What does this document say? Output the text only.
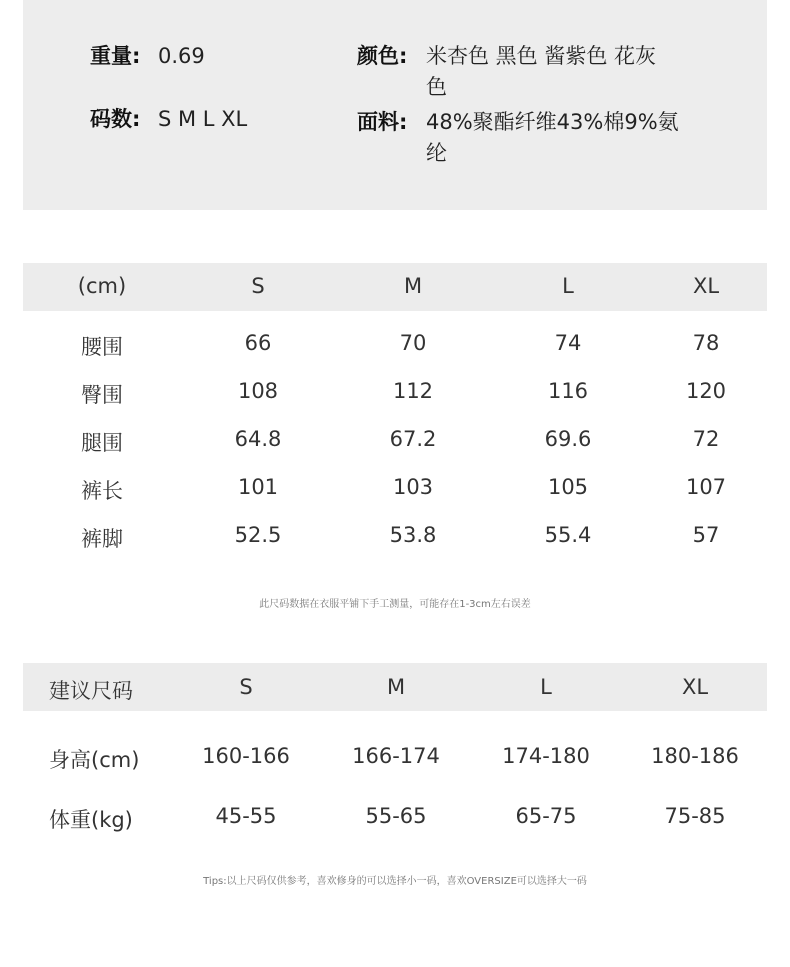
重量: 0.69
码数: S M L XL
颜色: 米杏色 黑色 酱紫色 花灰
色
面料: 48%聚酯纤维43%棉9%氨
纶
(cm)	S	M	L	XL
腰围	66	70	74	78
臀围	108	112	116	120
腿围	64.8	67.2	69.6	72
裤长	101	103	105	107
裤脚	52.5	53.8	55.4	57
此尺码数据在衣服平铺下手工测量，可能存在1-3cm左右误差
建议尺码	S	M	L	XL
身高(cm)	160-166	166-174	174-180	180-186
体重(kg)	45-55	55-65	65-75	75-85
Tips:以上尺码仅供参考，喜欢修身的可以选择小一码，喜欢OVERSIZE可以选择大一码
